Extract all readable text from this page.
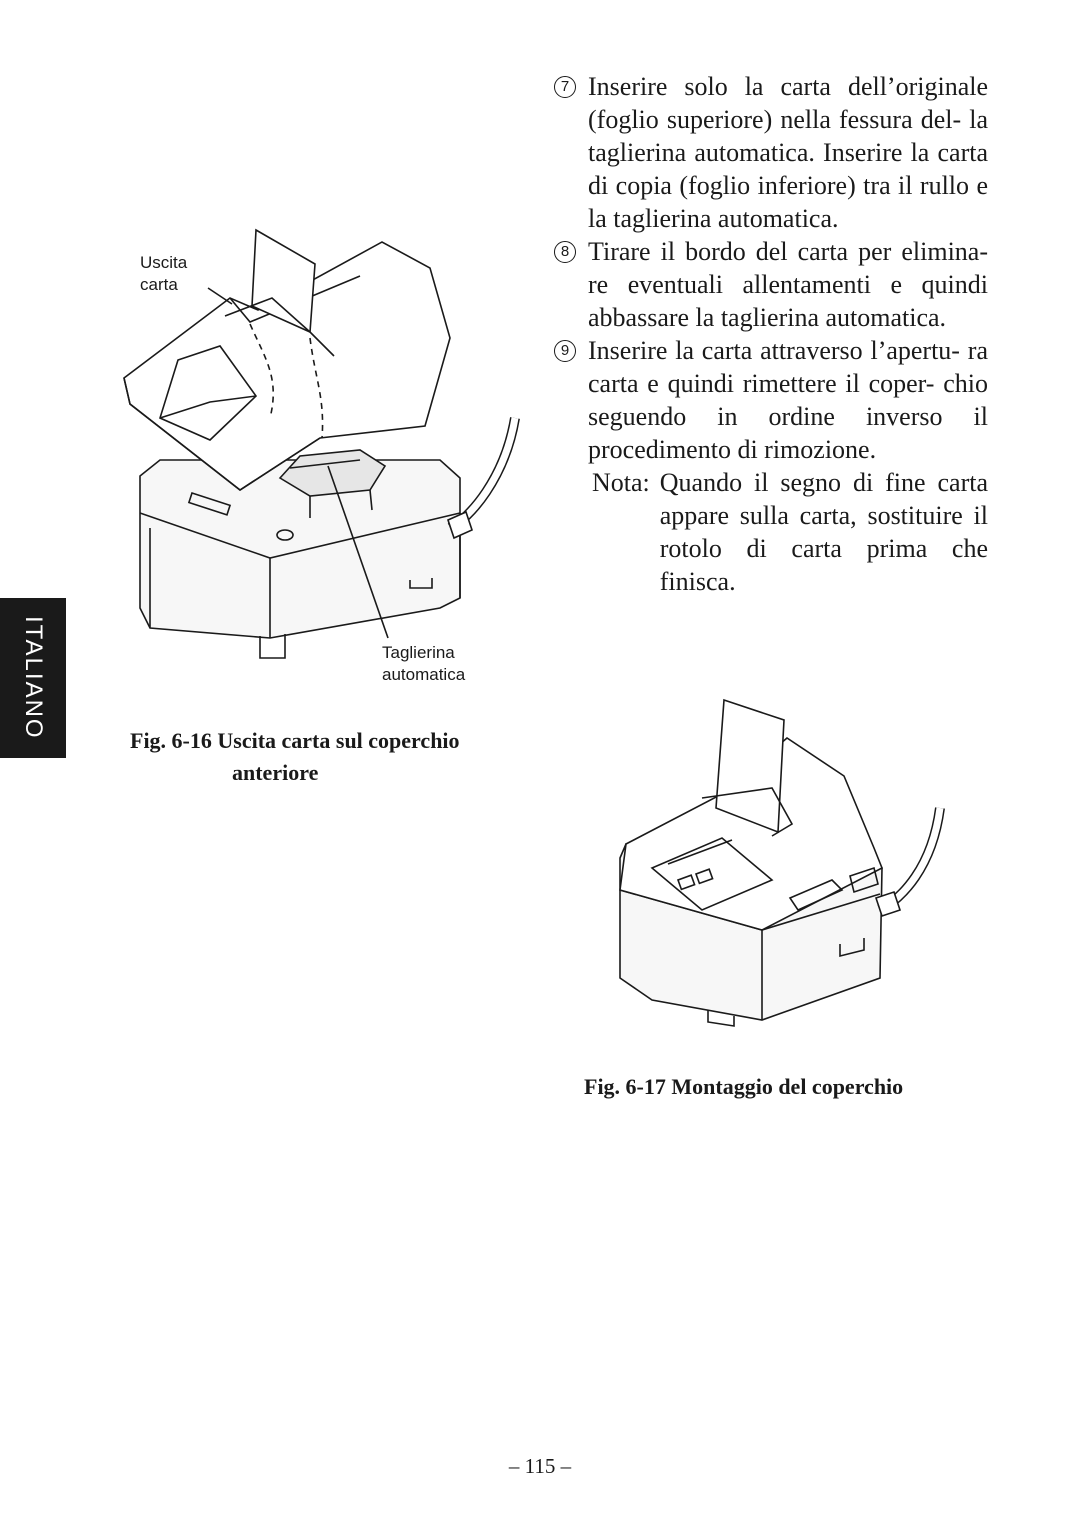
ITALIANO
Uscita
carta
Taglierina
automatica
Fig. 6-16 Uscita carta sul coperchio
anteriore
7 Inserire solo la carta dell’originale (foglio superiore) nella fessura del- la taglierina automatica. Inserire la carta di copia (foglio inferiore) tra il rullo e la taglierina automatica.
8 Tirare il bordo del carta per elimina- re eventuali allentamenti e quindi abbassare la taglierina automatica.
9 Inserire la carta attraverso l’apertu- ra carta e quindi rimettere il coper- chio seguendo in ordine inverso il procedimento di rimozione.
Nota: Quando il segno di fine carta appare sulla carta, sostituire il rotolo di carta prima che finisca.
Fig. 6-17 Montaggio del coperchio
– 115 –
